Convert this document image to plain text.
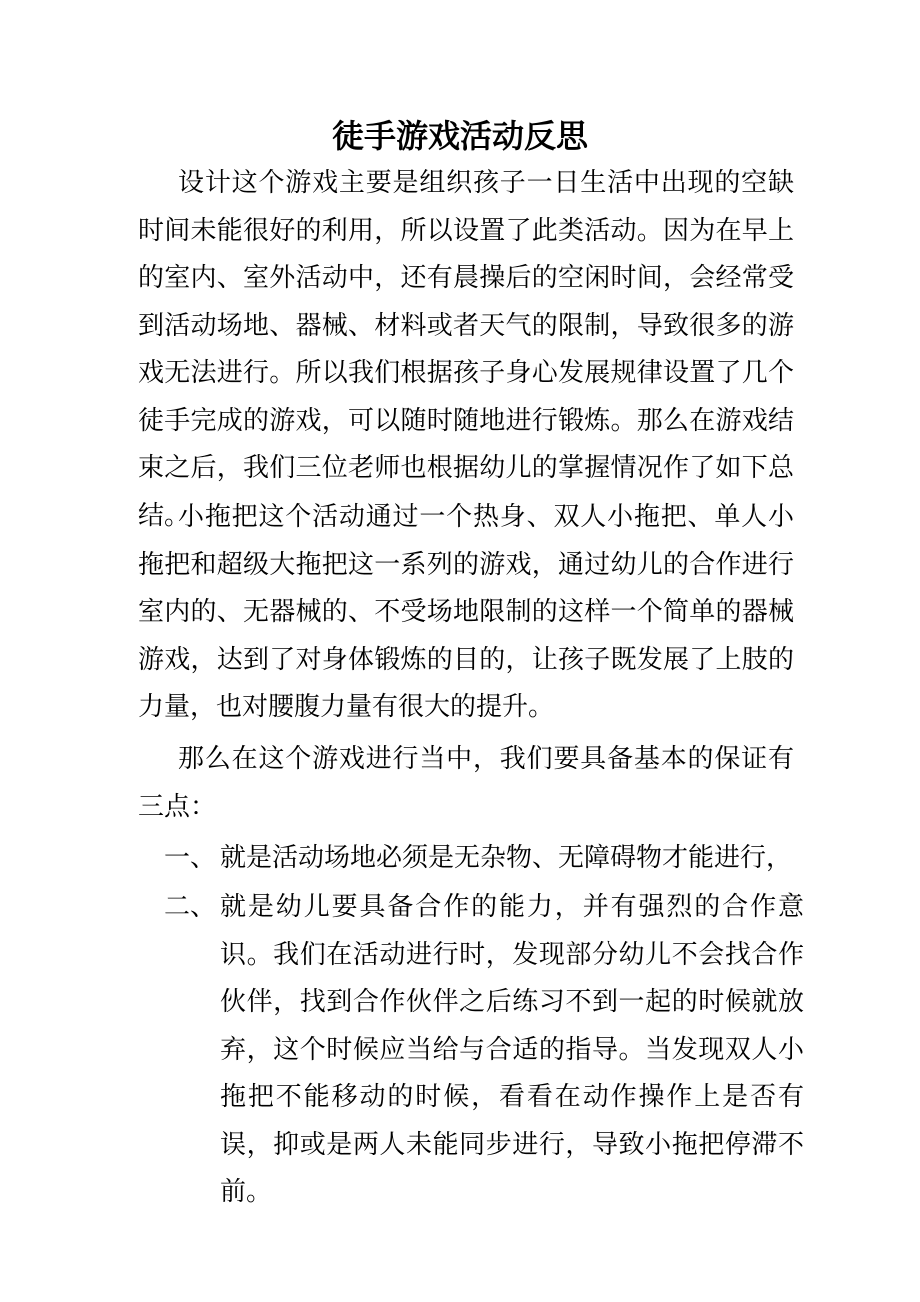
徒手游戏活动反思

设计这个游戏主要是组织孩子一日生活中出现的空缺时间未能很好的利用，所以设置了此类活动。因为在早上的室内、室外活动中，还有晨操后的空闲时间，会经常受到活动场地、器械、材料或者天气的限制，导致很多的游戏无法进行。所以我们根据孩子身心发展规律设置了几个徒手完成的游戏，可以随时随地进行锻炼。那么在游戏结束之后，我们三位老师也根据幼儿的掌握情况作了如下总结。

小拖把这个活动通过一个热身、双人小拖把、单人小拖把和超级大拖把这一系列的游戏，通过幼儿的合作进行室内的、无器械的、不受场地限制的这样一个简单的器械游戏，达到了对身体锻炼的目的，让孩子既发展了上肢的力量，也对腰腹力量有很大的提升。

那么在这个游戏进行当中，我们要具备基本的保证有三点：

一、 就是活动场地必须是无杂物、无障碍物才能进行，
二、 就是幼儿要具备合作的能力，并有强烈的合作意识。我们在活动进行时，发现部分幼儿不会找合作伙伴，找到合作伙伴之后练习不到一起的时候就放弃，这个时候应当给与合适的指导。当发现双人小拖把不能移动的时候，看看在动作操作上是否有误，抑或是两人未能同步进行，导致小拖把停滞不前。
